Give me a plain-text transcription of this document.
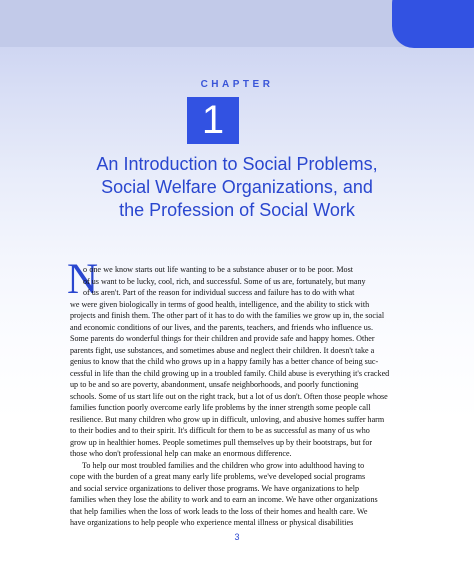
CHAPTER
1
An Introduction to Social Problems,
Social Welfare Organizations, and
the Profession of Social Work
N
o one we know starts out life wanting to be a substance abuser or to be poor. Most
of us want to be lucky, cool, rich, and successful. Some of us are, fortunately, but many
of us aren't. Part of the reason for individual success and failure has to do with what
we were given biologically in terms of good health, intelligence, and the ability to stick with
projects and finish them. The other part of it has to do with the families we grow up in, the social
and economic conditions of our lives, and the parents, teachers, and friends who influence us.
Some parents do wonderful things for their children and provide safe and happy homes. Other
parents fight, use substances, and sometimes abuse and neglect their children. It doesn't take a
genius to know that the child who grows up in a happy family has a better chance of being suc-
cessful in life than the child growing up in a troubled family. Child abuse is everything it's cracked
up to be and so are poverty, abandonment, unsafe neighborhoods, and poorly functioning
schools. Some of us start life out on the right track, but a lot of us don't. Often those people whose
families function poorly overcome early life problems by the inner strength some people call
resilience. But many children who grow up in difficult, unloving, and abusive homes suffer harm
to their bodies and to their spirit. It's difficult for them to be as successful as many of us who
grow up in healthier homes. People sometimes pull themselves up by their bootstraps, but for
those who don't professional help can make an enormous difference.
To help our most troubled families and the children who grow into adulthood having to
cope with the burden of a great many early life problems, we've developed social programs
and social service organizations to deliver those programs. We have organizations to help
families when they lose the ability to work and to earn an income. We have other organizations
that help families when the loss of work leads to the loss of their homes and health care. We
have organizations to help people who experience mental illness or physical disabilities
3
